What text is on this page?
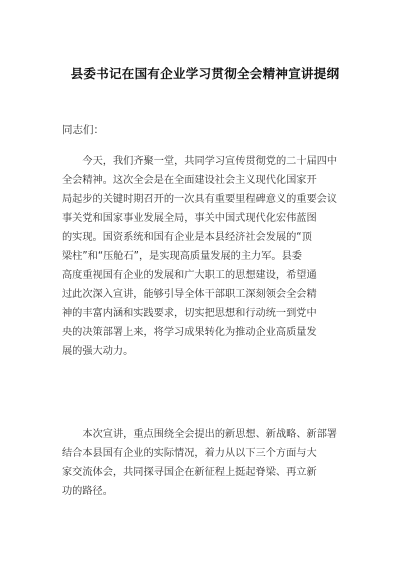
县委书记在国有企业学习贯彻全会精神宣讲提纲
同志们：
今天，我们齐聚一堂，共同学习宣传贯彻党的二十届四中
全会精神。这次全会是在全面建设社会主义现代化国家开
局起步的关键时期召开的一次具有重要里程碑意义的重要会议
事关党和国家事业发展全局，事关中国式现代化宏伟蓝图
的实现。国资系统和国有企业是本县经济社会发展的“顶
梁柱”和“压舱石”，是实现高质量发展的主力军。县委
高度重视国有企业的发展和广大职工的思想建设，希望通
过此次深入宣讲，能够引导全体干部职工深刻领会全会精
神的丰富内涵和实践要求，切实把思想和行动统一到党中
央的决策部署上来，将学习成果转化为推动企业高质量发
展的强大动力。
本次宣讲，重点围绕全会提出的新思想、新战略、新部署
结合本县国有企业的实际情况，着力从以下三个方面与大
家交流体会，共同探寻国企在新征程上挺起脊梁、再立新
功的路径。
